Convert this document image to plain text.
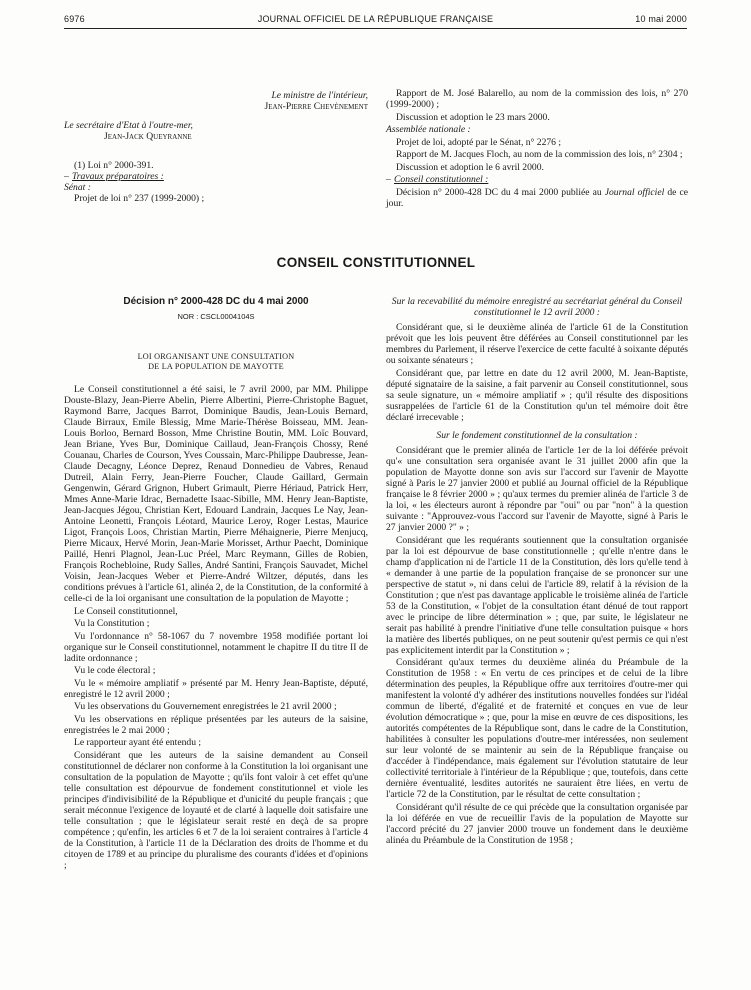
6976	JOURNAL OFFICIEL DE LA RÉPUBLIQUE FRANÇAISE	10 mai 2000
Le ministre de l'intérieur,
Jean-Pierre Chevènement
Le secrétaire d'Etat à l'outre-mer,
Jean-Jack Queyranne
(1) Loi n° 2000-391.
– Travaux préparatoires :
Sénat :
Projet de loi n° 237 (1999-2000) ;

Rapport de M. José Balarello, au nom de la commission des lois, n° 270 (1999-2000) ;

Discussion et adoption le 23 mars 2000.

Assemblée nationale :

Projet de loi, adopté par le Sénat, n° 2276 ;

Rapport de M. Jacques Floch, au nom de la commission des lois, n° 2304 ;

Discussion et adoption le 6 avril 2000.

– Conseil constitutionnel :

Décision n° 2000-428 DC du 4 mai 2000 publiée au Journal officiel de ce jour.

CONSEIL CONSTITUTIONNEL
Décision n° 2000-428 DC du 4 mai 2000
NOR : CSCL0004104S
LOI ORGANISANT UNE CONSULTATION
DE LA POPULATION DE MAYOTTE

Le Conseil constitutionnel a été saisi, le 7 avril 2000, par MM. Philippe Douste-Blazy, Jean-Pierre Abelin, Pierre Albertini, Pierre-Christophe Baguet, Raymond Barre, Jacques Barrot, Dominique Baudis, Jean-Louis Bernard, Claude Birraux, Emile Blessig, Mme Marie-Thérèse Boisseau, MM. Jean-Louis Borloo, Bernard Bosson, Mme Christine Boutin, MM. Loïc Bouvard, Jean Briane, Yves Bur, Dominique Caillaud, Jean-François Chossy, René Couanau, Charles de Courson, Yves Coussain, Marc-Philippe Daubresse, Jean-Claude Decagny, Léonce Deprez, Renaud Donnedieu de Vabres, Renaud Dutreil, Alain Ferry, Jean-Pierre Foucher, Claude Gaillard, Germain Gengenwin, Gérard Grignon, Hubert Grimault, Pierre Hériaud, Patrick Herr, Mmes Anne-Marie Idrac, Bernadette Isaac-Sibille, MM. Henry Jean-Baptiste, Jean-Jacques Jégou, Christian Kert, Edouard Landrain, Jacques Le Nay, Jean-Antoine Leonetti, François Léotard, Maurice Leroy, Roger Lestas, Maurice Ligot, François Loos, Christian Martin, Pierre Méhaignerie, Pierre Menjucq, Pierre Micaux, Hervé Morin, Jean-Marie Morisset, Arthur Paecht, Dominique Paillé, Henri Plagnol, Jean-Luc Préel, Marc Reymann, Gilles de Robien, François Rochebloine, Rudy Salles, André Santini, François Sauvadet, Michel Voisin, Jean-Jacques Weber et Pierre-André Wiltzer, députés, dans les conditions prévues à l'article 61, alinéa 2, de la Constitution, de la conformité à celle-ci de la loi organisant une consultation de la population de Mayotte ;

Le Conseil constitutionnel,

Vu la Constitution ;

Vu l'ordonnance n° 58-1067 du 7 novembre 1958 modifiée portant loi organique sur le Conseil constitutionnel, notamment le chapitre II du titre II de ladite ordonnance ;

Vu le code électoral ;

Vu le « mémoire ampliatif » présenté par M. Henry Jean-Baptiste, député, enregistré le 12 avril 2000 ;

Vu les observations du Gouvernement enregistrées le 21 avril 2000 ;

Vu les observations en réplique présentées par les auteurs de la saisine, enregistrées le 2 mai 2000 ;

Le rapporteur ayant été entendu ;

Considérant que les auteurs de la saisine demandent au Conseil constitutionnel de déclarer non conforme à la Constitution la loi organisant une consultation de la population de Mayotte ; qu'ils font valoir à cet effet qu'une telle consultation est dépourvue de fondement constitutionnel et viole les principes d'indivisibilité de la République et d'unicité du peuple français ; que serait méconnue l'exigence de loyauté et de clarté à laquelle doit satisfaire une telle consultation ; que le législateur serait resté en deçà de sa propre compétence ; qu'enfin, les articles 6 et 7 de la loi seraient contraires à l'article 4 de la Constitution, à l'article 11 de la Déclaration des droits de l'homme et du citoyen de 1789 et au principe du pluralisme des courants d'idées et d'opinions ;

Sur la recevabilité du mémoire enregistré au secrétariat général du Conseil constitutionnel le 12 avril 2000 :

Considérant que, si le deuxième alinéa de l'article 61 de la Constitution prévoit que les lois peuvent être déférées au Conseil constitutionnel par les membres du Parlement, il réserve l'exercice de cette faculté à soixante députés ou soixante sénateurs ;

Considérant que, par lettre en date du 12 avril 2000, M. Jean-Baptiste, député signataire de la saisine, a fait parvenir au Conseil constitutionnel, sous sa seule signature, un « mémoire ampliatif » ; qu'il résulte des dispositions susrappelées de l'article 61 de la Constitution qu'un tel mémoire doit être déclaré irrecevable ;

Sur le fondement constitutionnel de la consultation :

Considérant que le premier alinéa de l'article 1er de la loi déférée prévoit qu'« une consultation sera organisée avant le 31 juillet 2000 afin que la population de Mayotte donne son avis sur l'accord sur l'avenir de Mayotte signé à Paris le 27 janvier 2000 et publié au Journal officiel de la République française le 8 février 2000 » ; qu'aux termes du premier alinéa de l'article 3 de la loi, « les électeurs auront à répondre par "oui" ou par "non" à la question suivante : "Approuvez-vous l'accord sur l'avenir de Mayotte, signé à Paris le 27 janvier 2000 ?" » ;

Considérant que les requérants soutiennent que la consultation organisée par la loi est dépourvue de base constitutionnelle ; qu'elle n'entre dans le champ d'application ni de l'article 11 de la Constitution, dès lors qu'elle tend à « demander à une partie de la population française de se prononcer sur une perspective de statut », ni dans celui de l'article 89, relatif à la révision de la Constitution ; que n'est pas davantage applicable le troisième alinéa de l'article 53 de la Constitution, « l'objet de la consultation étant dénué de tout rapport avec le principe de libre détermination » ; que, par suite, le législateur ne serait pas habilité à prendre l'initiative d'une telle consultation puisque « hors la matière des libertés publiques, on ne peut soutenir qu'est permis ce qui n'est pas explicitement interdit par la Constitution » ;

Considérant qu'aux termes du deuxième alinéa du Préambule de la Constitution de 1958 : « En vertu de ces principes et de celui de la libre détermination des peuples, la République offre aux territoires d'outre-mer qui manifestent la volonté d'y adhérer des institutions nouvelles fondées sur l'idéal commun de liberté, d'égalité et de fraternité et conçues en vue de leur évolution démocratique » ; que, pour la mise en œuvre de ces dispositions, les autorités compétentes de la République sont, dans le cadre de la Constitution, habilitées à consulter les populations d'outre-mer intéressées, non seulement sur leur volonté de se maintenir au sein de la République française ou d'accéder à l'indépendance, mais également sur l'évolution statutaire de leur collectivité territoriale à l'intérieur de la République ; que, toutefois, dans cette dernière éventualité, lesdites autorités ne sauraient être liées, en vertu de l'article 72 de la Constitution, par le résultat de cette consultation ;

Considérant qu'il résulte de ce qui précède que la consultation organisée par la loi déférée en vue de recueillir l'avis de la population de Mayotte sur l'accord précité du 27 janvier 2000 trouve un fondement dans le deuxième alinéa du Préambule de la Constitution de 1958 ;
